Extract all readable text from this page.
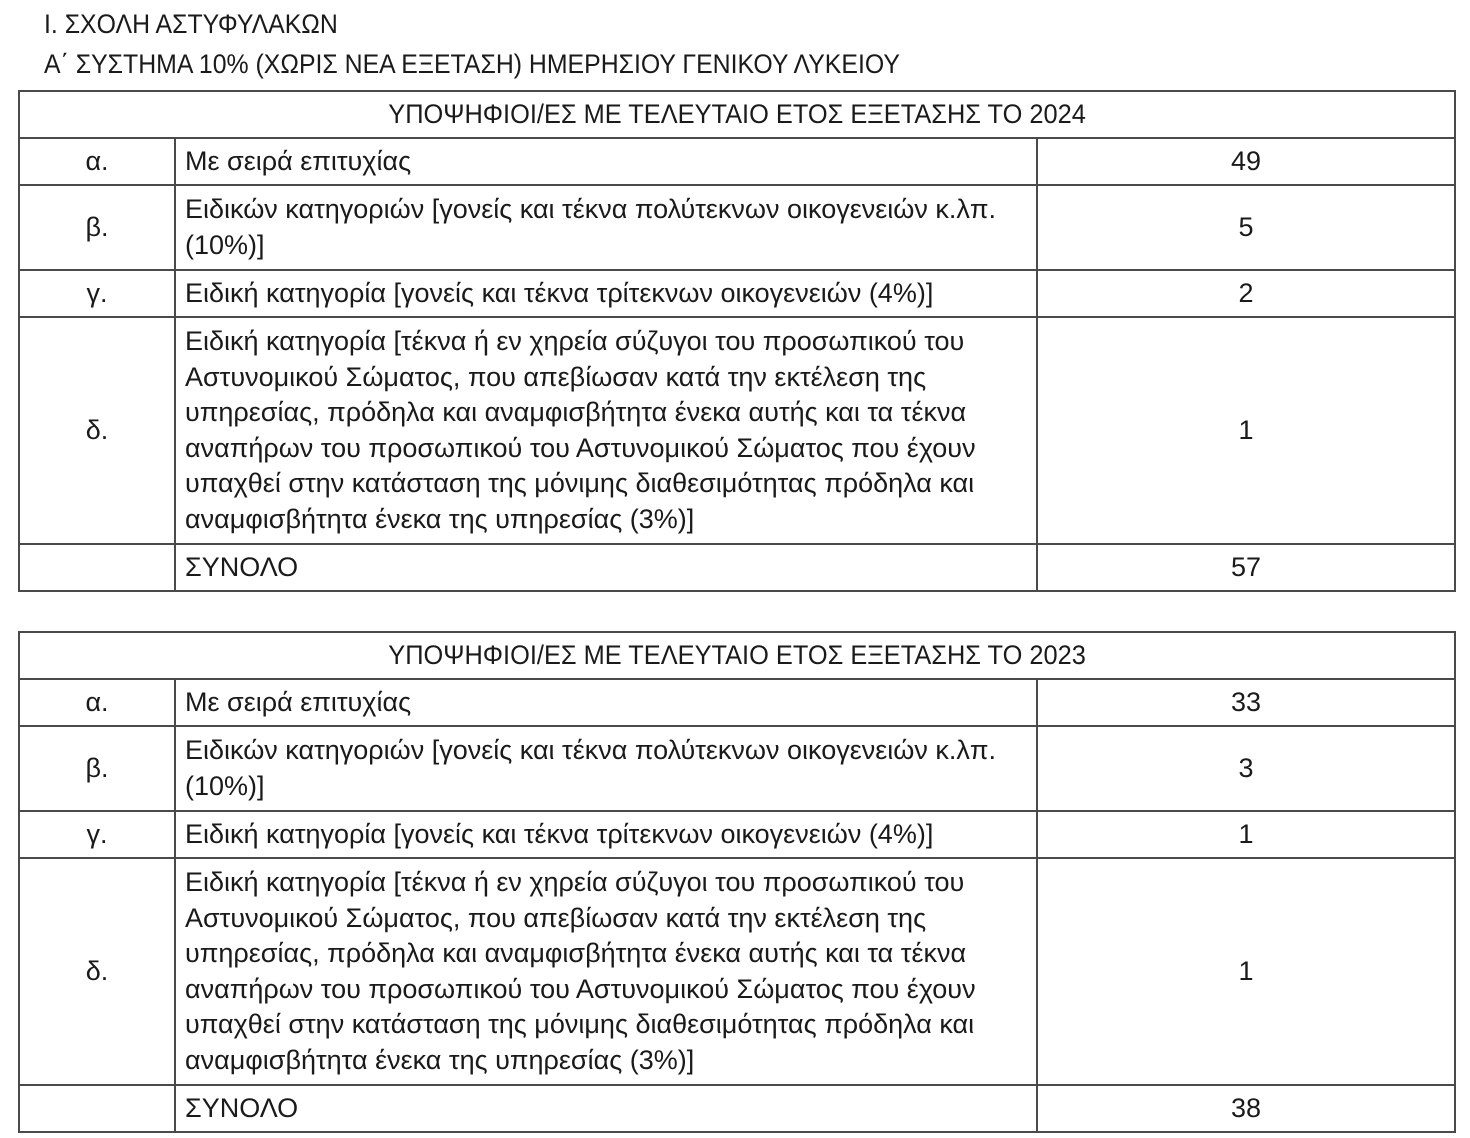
Ι. ΣΧΟΛΗ ΑΣΤΥΦΥΛΑΚΩΝ
Α΄ ΣΥΣΤΗΜΑ 10% (ΧΩΡΙΣ ΝΕΑ ΕΞΕΤΑΣΗ) ΗΜΕΡΗΣΙΟΥ ΓΕΝΙΚΟΥ ΛΥΚΕΙΟΥ
ΥΠΟΨΗΦΙΟΙ/ΕΣ ΜΕ ΤΕΛΕΥΤΑΙΟ ΕΤΟΣ ΕΞΕΤΑΣΗΣ ΤΟ 2024		
α.	Με σειρά επιτυχίας	49
β.	Ειδικών κατηγοριών [γονείς και τέκνα πολύτεκνων οικογενειών κ.λπ. (10%)]	5
γ.	Ειδική κατηγορία [γονείς και τέκνα τρίτεκνων οικογενειών (4%)]	2
δ.	Ειδική κατηγορία [τέκνα ή εν χηρεία σύζυγοι του προσωπικού του Αστυνομικού Σώματος, που απεβίωσαν κατά την εκτέλεση της υπηρεσίας, πρόδηλα και αναμφισβήτητα ένεκα αυτής και τα τέκνα αναπήρων του προσωπικού του Αστυνομικού Σώματος που έχουν υπαχθεί στην κατάσταση της μόνιμης διαθεσιμότητας πρόδηλα και αναμφισβήτητα ένεκα της υπηρεσίας (3%)]	1
	ΣΥΝΟΛΟ	57
ΥΠΟΨΗΦΙΟΙ/ΕΣ ΜΕ ΤΕΛΕΥΤΑΙΟ ΕΤΟΣ ΕΞΕΤΑΣΗΣ ΤΟ 2023		
α.	Με σειρά επιτυχίας	33
β.	Ειδικών κατηγοριών [γονείς και τέκνα πολύτεκνων οικογενειών κ.λπ. (10%)]	3
γ.	Ειδική κατηγορία [γονείς και τέκνα τρίτεκνων οικογενειών (4%)]	1
δ.	Ειδική κατηγορία [τέκνα ή εν χηρεία σύζυγοι του προσωπικού του Αστυνομικού Σώματος, που απεβίωσαν κατά την εκτέλεση της υπηρεσίας, πρόδηλα και αναμφισβήτητα ένεκα αυτής και τα τέκνα αναπήρων του προσωπικού του Αστυνομικού Σώματος που έχουν υπαχθεί στην κατάσταση της μόνιμης διαθεσιμότητας πρόδηλα και αναμφισβήτητα ένεκα της υπηρεσίας (3%)]	1
	ΣΥΝΟΛΟ	38
